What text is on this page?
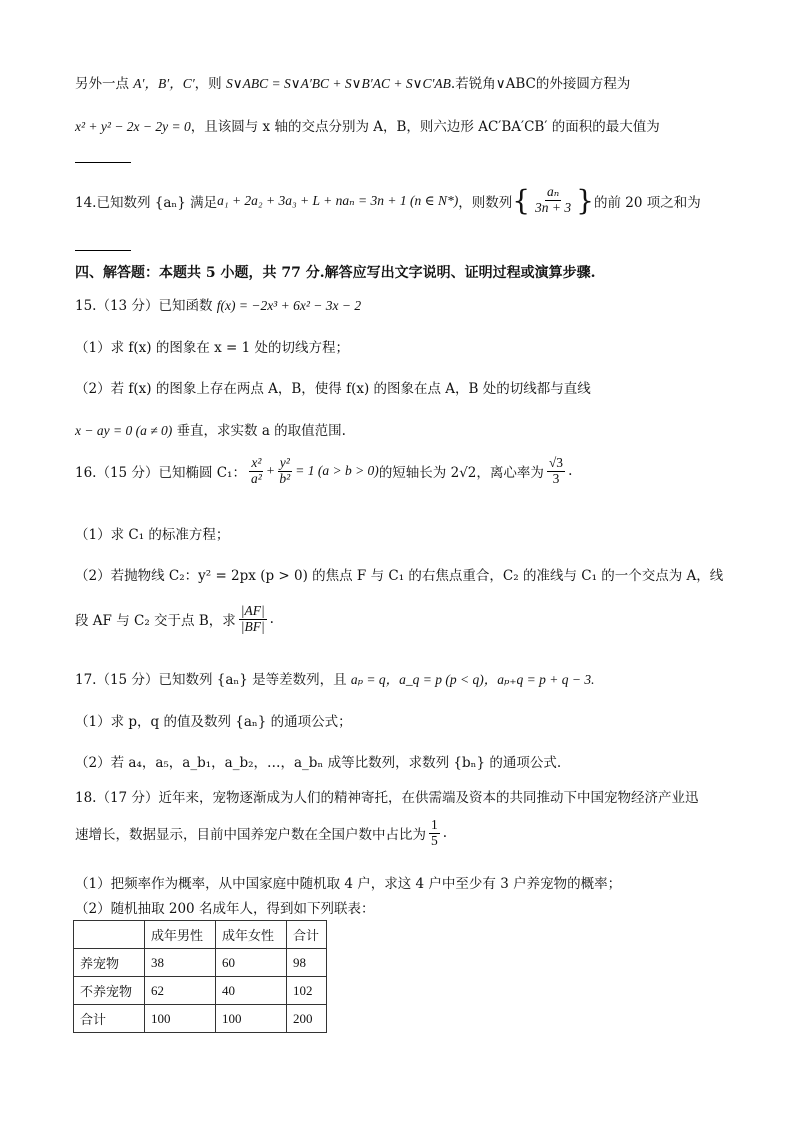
另外一点 A′，B′，C′，则 S∨ABC = S∨A′BC + S∨B′AC + S∨C′AB.若锐角∨ABC的外接圆方程为
x² + y² − 2x − 2y = 0，且该圆与 x 轴的交点分别为 A，B，则六边形 AC′BA′CB′ 的面积的最大值为
14.已知数列 {aₙ} 满足 a₁ + 2a₂ + 3a₃ + L + naₙ = 3n + 1 (n ∈ N*) ，则数列 { $\frac{\text{aₙ}}{3n + 3}$ } 的前 20 项之和为
四、解答题：本题共 5 小题，共 77 分.解答应写出文字说明、证明过程或演算步骤.
15.（13 分）已知函数 f(x) = −2x³ + 6x² − 3x − 2
（1）求 f(x) 的图象在 x = 1 处的切线方程；
（2）若 f(x) 的图象上存在两点 A，B，使得 f(x) 的图象在点 A，B 处的切线都与直线
x − ay = 0 (a ≠ 0) 垂直，求实数 a 的取值范围.
16.（15 分）已知椭圆 C₁： $\frac{\text{x²}}{\text{a²}} + \frac{\text{y²}}{\text{b²}} = 1$ (a > b > 0) 的短轴长为 2√2，离心率为 $\frac{√3}{3}$ .
（1）求 C₁ 的标准方程；
（2）若抛物线 C₂：y² = 2px (p > 0) 的焦点 F 与 C₁ 的右焦点重合，C₂ 的准线与 C₁ 的一个交点为 A，线
段 AF 与 C₂ 交于点 B，求 $\frac{|AF|}{|BF|}$ .
17.（15 分）已知数列 {aₙ} 是等差数列，且 aₚ = q，a_q = p (p < q)，aₚ₊q = p + q − 3.
（1）求 p，q 的值及数列 {aₙ} 的通项公式；
（2）若 a₄，a₅，a_b₁，a_b₂，…，a_bₙ 成等比数列，求数列 {bₙ} 的通项公式.
18.（17 分）近年来，宠物逐渐成为人们的精神寄托，在供需端及资本的共同推动下中国宠物经济产业迅
速增长，数据显示，目前中国养宠户数在全国户数中占比为 $\frac{1}{5}$ .
（1）把频率作为概率，从中国家庭中随机取 4 户，求这 4 户中至少有 3 户养宠物的概率；
（2）随机抽取 200 名成年人，得到如下列联表：
	成年男性	成年女性	合计
养宠物	38	60	98
不养宠物	62	40	102
合计	100	100	200
